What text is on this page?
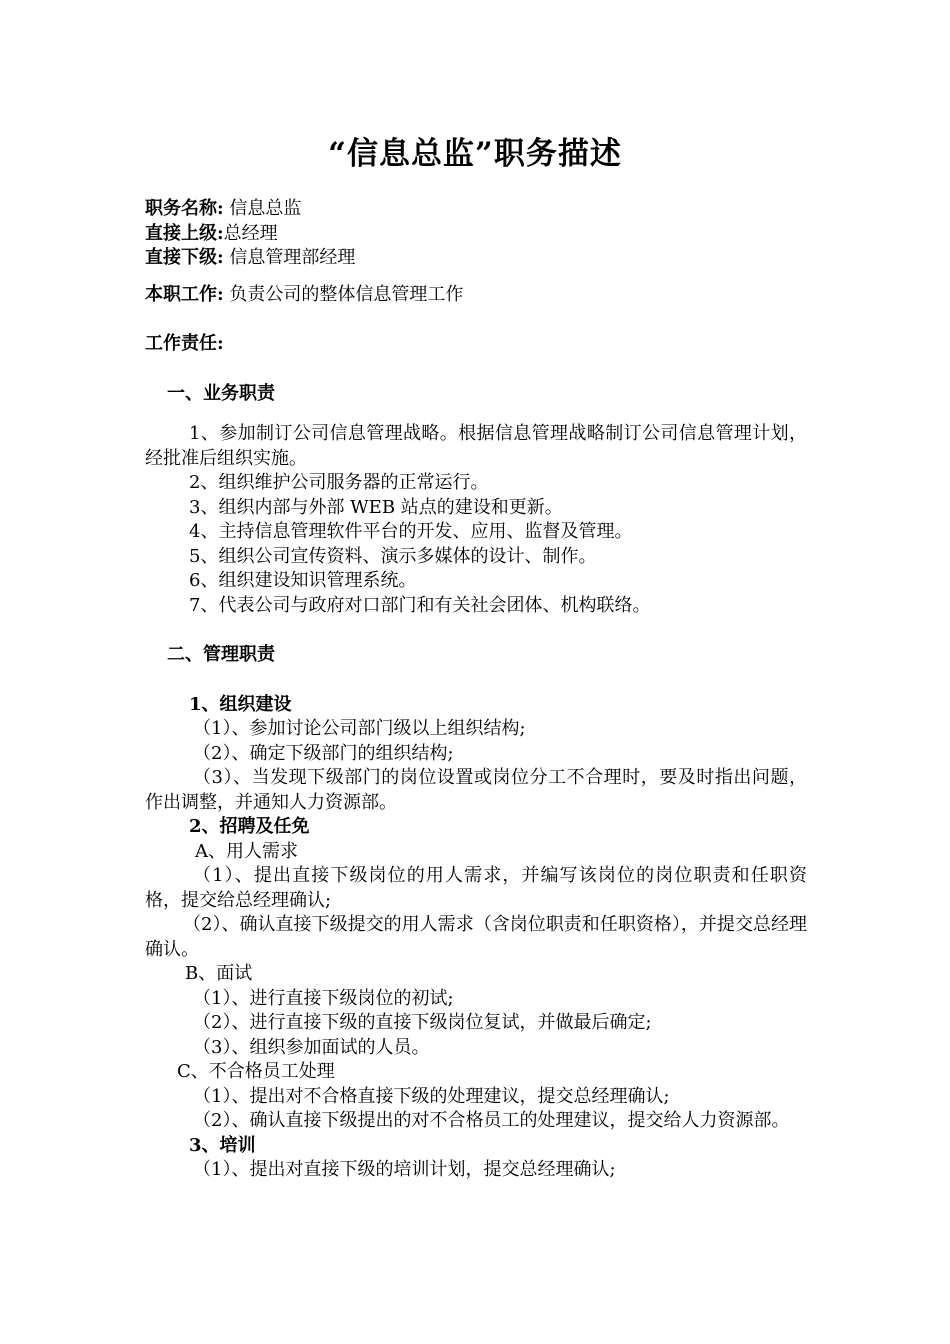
“信息总监”职务描述
职务名称: 信息总监
直接上级:总经理
直接下级: 信息管理部经理
本职工作: 负责公司的整体信息管理工作
工作责任:
一、业务职责
1、参加制订公司信息管理战略。根据信息管理战略制订公司信息管理计划，经批准后组织实施。
2、组织维护公司服务器的正常运行。
3、组织内部与外部 WEB 站点的建设和更新。
4、主持信息管理软件平台的开发、应用、监督及管理。
5、组织公司宣传资料、演示多媒体的设计、制作。
6、组织建设知识管理系统。
7、代表公司与政府对口部门和有关社会团体、机构联络。
二、管理职责
1、组织建设
（1）、参加讨论公司部门级以上组织结构;
（2）、确定下级部门的组织结构;
（3）、当发现下级部门的岗位设置或岗位分工不合理时，要及时指出问题，作出调整，并通知人力资源部。
2、招聘及任免
A、用人需求
（1）、提出直接下级岗位的用人需求，并编写该岗位的岗位职责和任职资格，提交给总经理确认;
（2）、确认直接下级提交的用人需求（含岗位职责和任职资格），并提交总经理确认。
B、面试
（1）、进行直接下级岗位的初试;
（2）、进行直接下级的直接下级岗位复试，并做最后确定;
（3）、组织参加面试的人员。
C、不合格员工处理
（1）、提出对不合格直接下级的处理建议，提交总经理确认;
（2）、确认直接下级提出的对不合格员工的处理建议，提交给人力资源部。
3、培训
（1）、提出对直接下级的培训计划，提交总经理确认;
